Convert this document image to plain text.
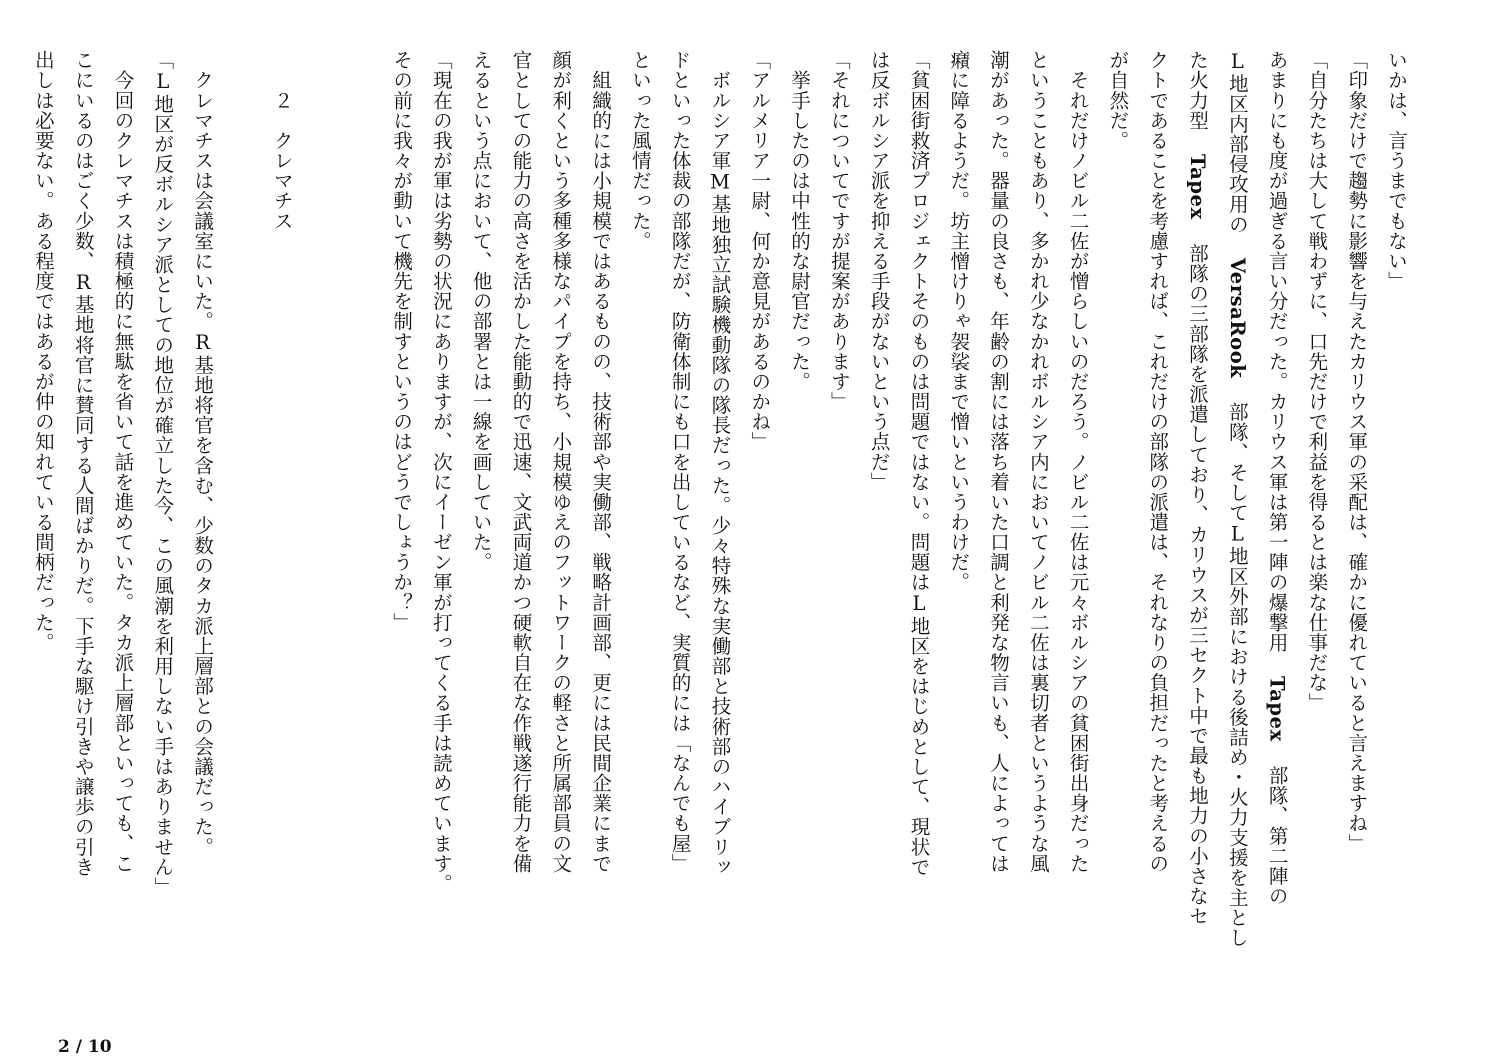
いかは、言うまでもない」
「印象だけで趨勢に影響を与えたカリウス軍の采配は、確かに優れていると言えますね」
「自分たちは大して戦わずに、口先だけで利益を得るとは楽な仕事だな」
あまりにも度が過ぎる言い分だった。カリウス軍は第一陣の爆撃用 Tapex 部隊、第二陣の
L地区内部侵攻用の VersaRook 部隊、そしてL地区外部における後詰め・火力支援を主とし
た火力型 Tapex 部隊の三部隊を派遣しており、カリウスが三セクト中で最も地力の小さなセ
クトであることを考慮すれば、これだけの部隊の派遣は、それなりの負担だったと考えるの
が自然だ。
　それだけノビル二佐が憎らしいのだろう。ノビル二佐は元々ボルシアの貧困街出身だった
ということもあり、多かれ少なかれボルシア内においてノビル二佐は裏切者というような風
潮があった。器量の良さも、年齢の割には落ち着いた口調と利発な物言いも、人によっては
癪に障るようだ。坊主憎けりゃ袈裟まで憎いというわけだ。
「貧困街救済プロジェクトそのものは問題ではない。問題はL地区をはじめとして、現状で
は反ボルシア派を抑える手段がないという点だ」
「それについてですが提案があります」
　挙手したのは中性的な尉官だった。
「アルメリア一尉、何か意見があるのかね」
　ボルシア軍M基地独立試験機動隊の隊長だった。少々特殊な実働部と技術部のハイブリッ
ドといった体裁の部隊だが、防衛体制にも口を出しているなど、実質的には「なんでも屋」
といった風情だった。
　組織的には小規模ではあるものの、技術部や実働部、戦略計画部、更には民間企業にまで
顔が利くという多種多様なパイプを持ち、小規模ゆえのフットワークの軽さと所属部員の文
官としての能力の高さを活かした能動的で迅速、文武両道かつ硬軟自在な作戦遂行能力を備
えるという点において、他の部署とは一線を画していた。
「現在の我が軍は劣勢の状況にありますが、次にイーゼン軍が打ってくる手は読めています。
その前に我々が動いて機先を制すというのはどうでしょうか？」

　　２　クレマチス

　クレマチスは会議室にいた。R基地将官を含む、少数のタカ派上層部との会議だった。
「L地区が反ボルシア派としての地位が確立した今、この風潮を利用しない手はありません」
　今回のクレマチスは積極的に無駄を省いて話を進めていた。タカ派上層部といっても、こ
こにいるのはごく少数、R基地将官に賛同する人間ばかりだ。下手な駆け引きや譲歩の引き
出しは必要ない。ある程度ではあるが仲の知れている間柄だった。
2 / 10
